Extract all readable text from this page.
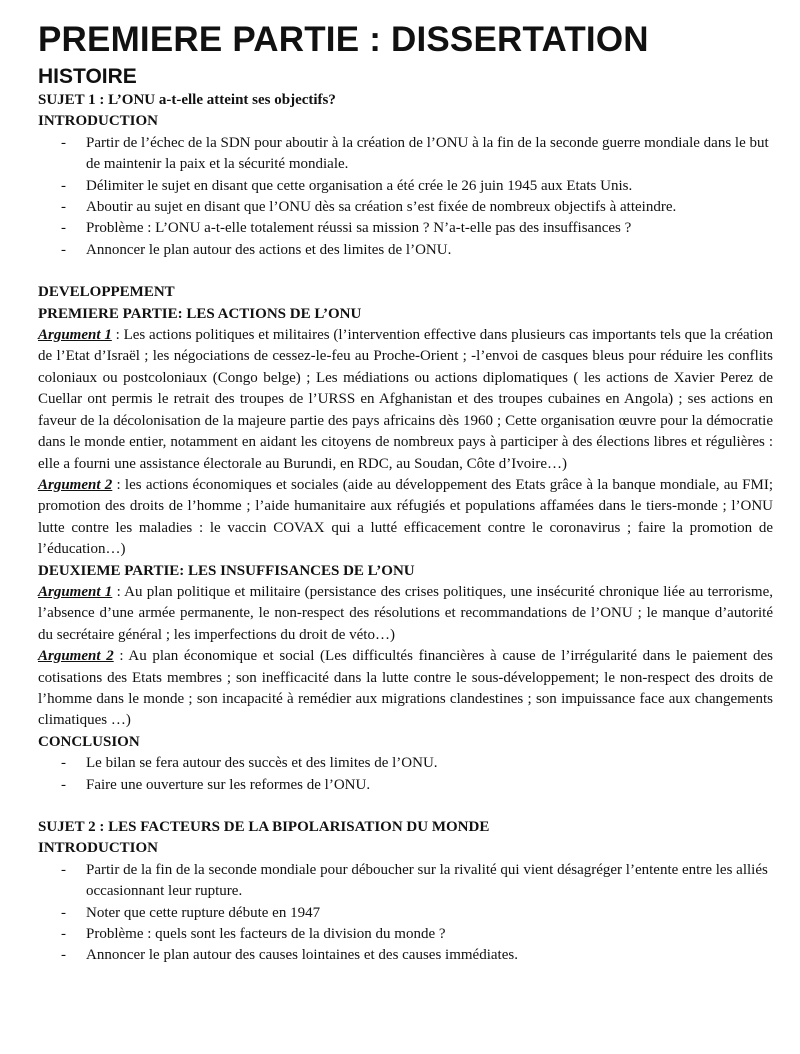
PREMIERE PARTIE : DISSERTATION
HISTOIRE
SUJET 1 : L’ONU a-t-elle atteint ses objectifs?
INTRODUCTION
- Partir de l’échec de la SDN pour aboutir à la création de l’ONU à la fin de la seconde guerre mondiale dans le but de maintenir la paix et la sécurité mondiale.
- Délimiter le sujet en disant que cette organisation a été crée le 26 juin 1945 aux Etats Unis.
- Aboutir au sujet en disant que l’ONU dès sa création s’est fixée de nombreux objectifs à atteindre.
- Problème : L’ONU a-t-elle totalement réussi sa mission ? N’a-t-elle pas des insuffisances ?
- Annoncer le plan autour des actions et des limites de l’ONU.
DEVELOPPEMENT
PREMIERE PARTIE: LES ACTIONS DE L’ONU
Argument 1 : Les actions politiques et militaires (l’intervention effective dans plusieurs cas importants tels que la création de l’Etat d’Israël ; les négociations de cessez-le-feu au Proche-Orient ; -l’envoi de casques bleus pour réduire les conflits coloniaux ou postcoloniaux (Congo belge) ; Les médiations ou actions diplomatiques ( les actions de Xavier Perez de Cuellar ont permis le retrait des troupes de l’URSS en Afghanistan et des troupes cubaines en Angola) ; ses actions en faveur de la décolonisation de la majeure partie des pays africains dès 1960 ; Cette organisation œuvre pour la démocratie dans le monde entier, notamment en aidant les citoyens de nombreux pays à participer à des élections libres et régulières : elle a fourni une assistance électorale au Burundi, en RDC, au Soudan, Côte d’Ivoire…)
Argument 2 : les actions économiques et sociales (aide au développement des Etats grâce à la banque mondiale, au FMI; promotion des droits de l’homme ; l’aide humanitaire aux réfugiés et populations affamées dans le tiers-monde ; l’ONU lutte contre les maladies : le vaccin COVAX qui a lutté efficacement contre le coronavirus ; faire la promotion de l’éducation…)
DEUXIEME PARTIE: LES INSUFFISANCES DE L’ONU
Argument 1 : Au plan politique et militaire (persistance des crises politiques, une insécurité chronique liée au terrorisme, l’absence d’une armée permanente, le non-respect des résolutions et recommandations de l’ONU ; le manque d’autorité du secrétaire général ; les imperfections du droit de véto…)
Argument 2 : Au plan économique et social (Les difficultés financières à cause de l’irrégularité dans le paiement des cotisations des Etats membres ; son inefficacité dans la lutte contre le sous-développement; le non-respect des droits de l’homme dans le monde ; son incapacité à remédier aux migrations clandestines ; son impuissance face aux changements climatiques …)
CONCLUSION
- Le bilan se fera autour des succès et des limites de l’ONU.
- Faire une ouverture sur les reformes de l’ONU.
SUJET 2 : LES FACTEURS DE LA BIPOLARISATION DU MONDE
INTRODUCTION
- Partir de la fin de la seconde mondiale pour déboucher sur la rivalité qui vient désagréger l’entente entre les alliés occasionnant leur rupture.
- Noter que cette rupture débute en 1947
- Problème : quels sont les facteurs de la division du monde ?
- Annoncer le plan autour des causes lointaines et des causes immédiates.
